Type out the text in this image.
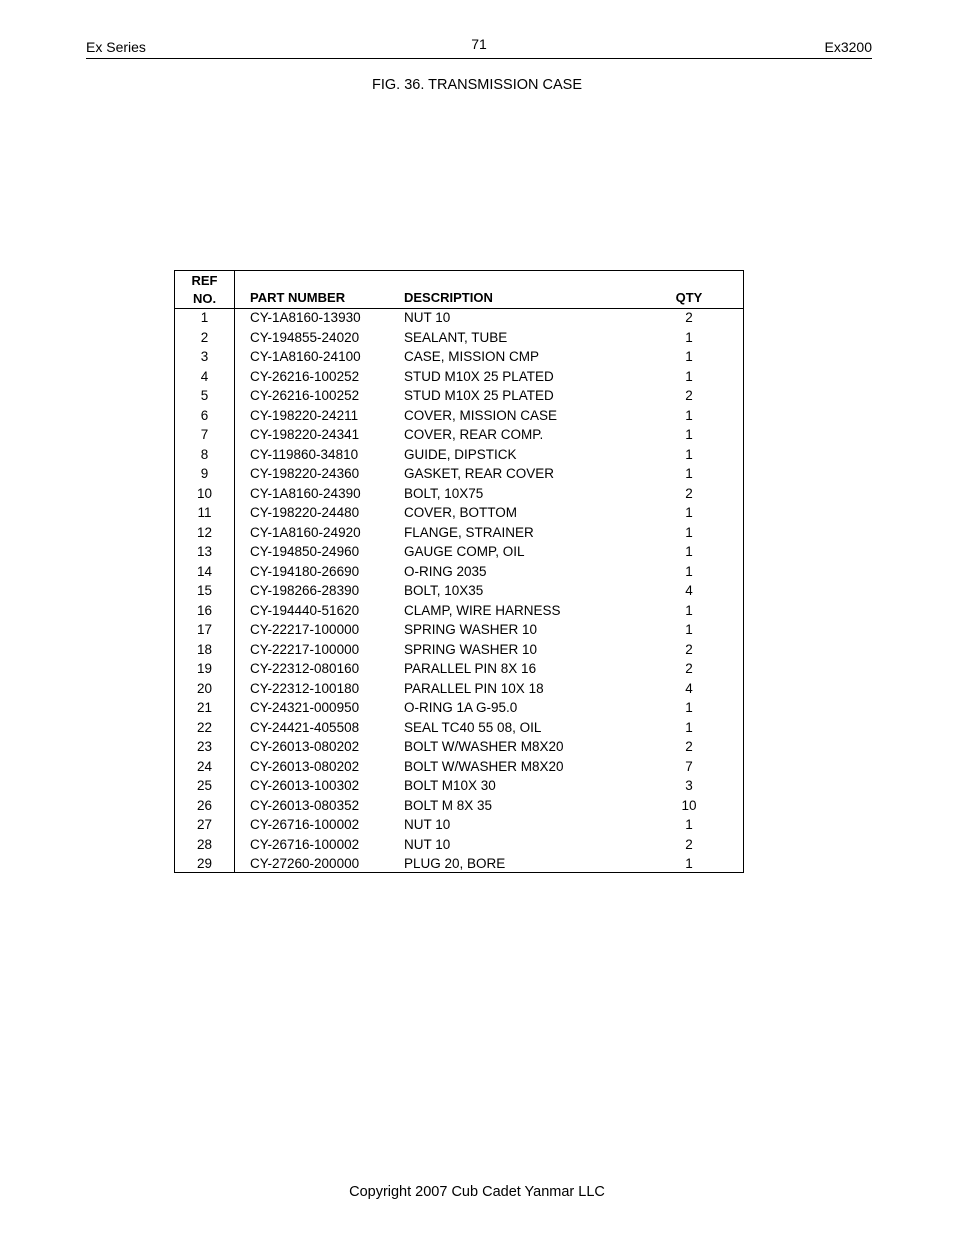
Ex Series	71	Ex3200
FIG. 36. TRANSMISSION CASE
REF
NO.	PART NUMBER	DESCRIPTION	QTY
1	CY-1A8160-13930	NUT 10	2
2	CY-194855-24020	SEALANT, TUBE	1
3	CY-1A8160-24100	CASE, MISSION CMP	1
4	CY-26216-100252	STUD M10X 25 PLATED	1
5	CY-26216-100252	STUD M10X 25 PLATED	2
6	CY-198220-24211	COVER, MISSION CASE	1
7	CY-198220-24341	COVER, REAR COMP.	1
8	CY-119860-34810	GUIDE, DIPSTICK	1
9	CY-198220-24360	GASKET, REAR COVER	1
10	CY-1A8160-24390	BOLT, 10X75	2
11	CY-198220-24480	COVER, BOTTOM	1
12	CY-1A8160-24920	FLANGE, STRAINER	1
13	CY-194850-24960	GAUGE COMP, OIL	1
14	CY-194180-26690	O-RING 2035	1
15	CY-198266-28390	BOLT, 10X35	4
16	CY-194440-51620	CLAMP, WIRE HARNESS	1
17	CY-22217-100000	SPRING WASHER 10	1
18	CY-22217-100000	SPRING WASHER 10	2
19	CY-22312-080160	PARALLEL PIN 8X 16	2
20	CY-22312-100180	PARALLEL PIN 10X 18	4
21	CY-24321-000950	O-RING 1A G-95.0	1
22	CY-24421-405508	SEAL TC40 55 08, OIL	1
23	CY-26013-080202	BOLT W/WASHER M8X20	2
24	CY-26013-080202	BOLT W/WASHER M8X20	7
25	CY-26013-100302	BOLT M10X 30	3
26	CY-26013-080352	BOLT M 8X 35	10
27	CY-26716-100002	NUT 10	1
28	CY-26716-100002	NUT 10	2
29	CY-27260-200000	PLUG 20, BORE	1
Copyright 2007 Cub Cadet Yanmar LLC
